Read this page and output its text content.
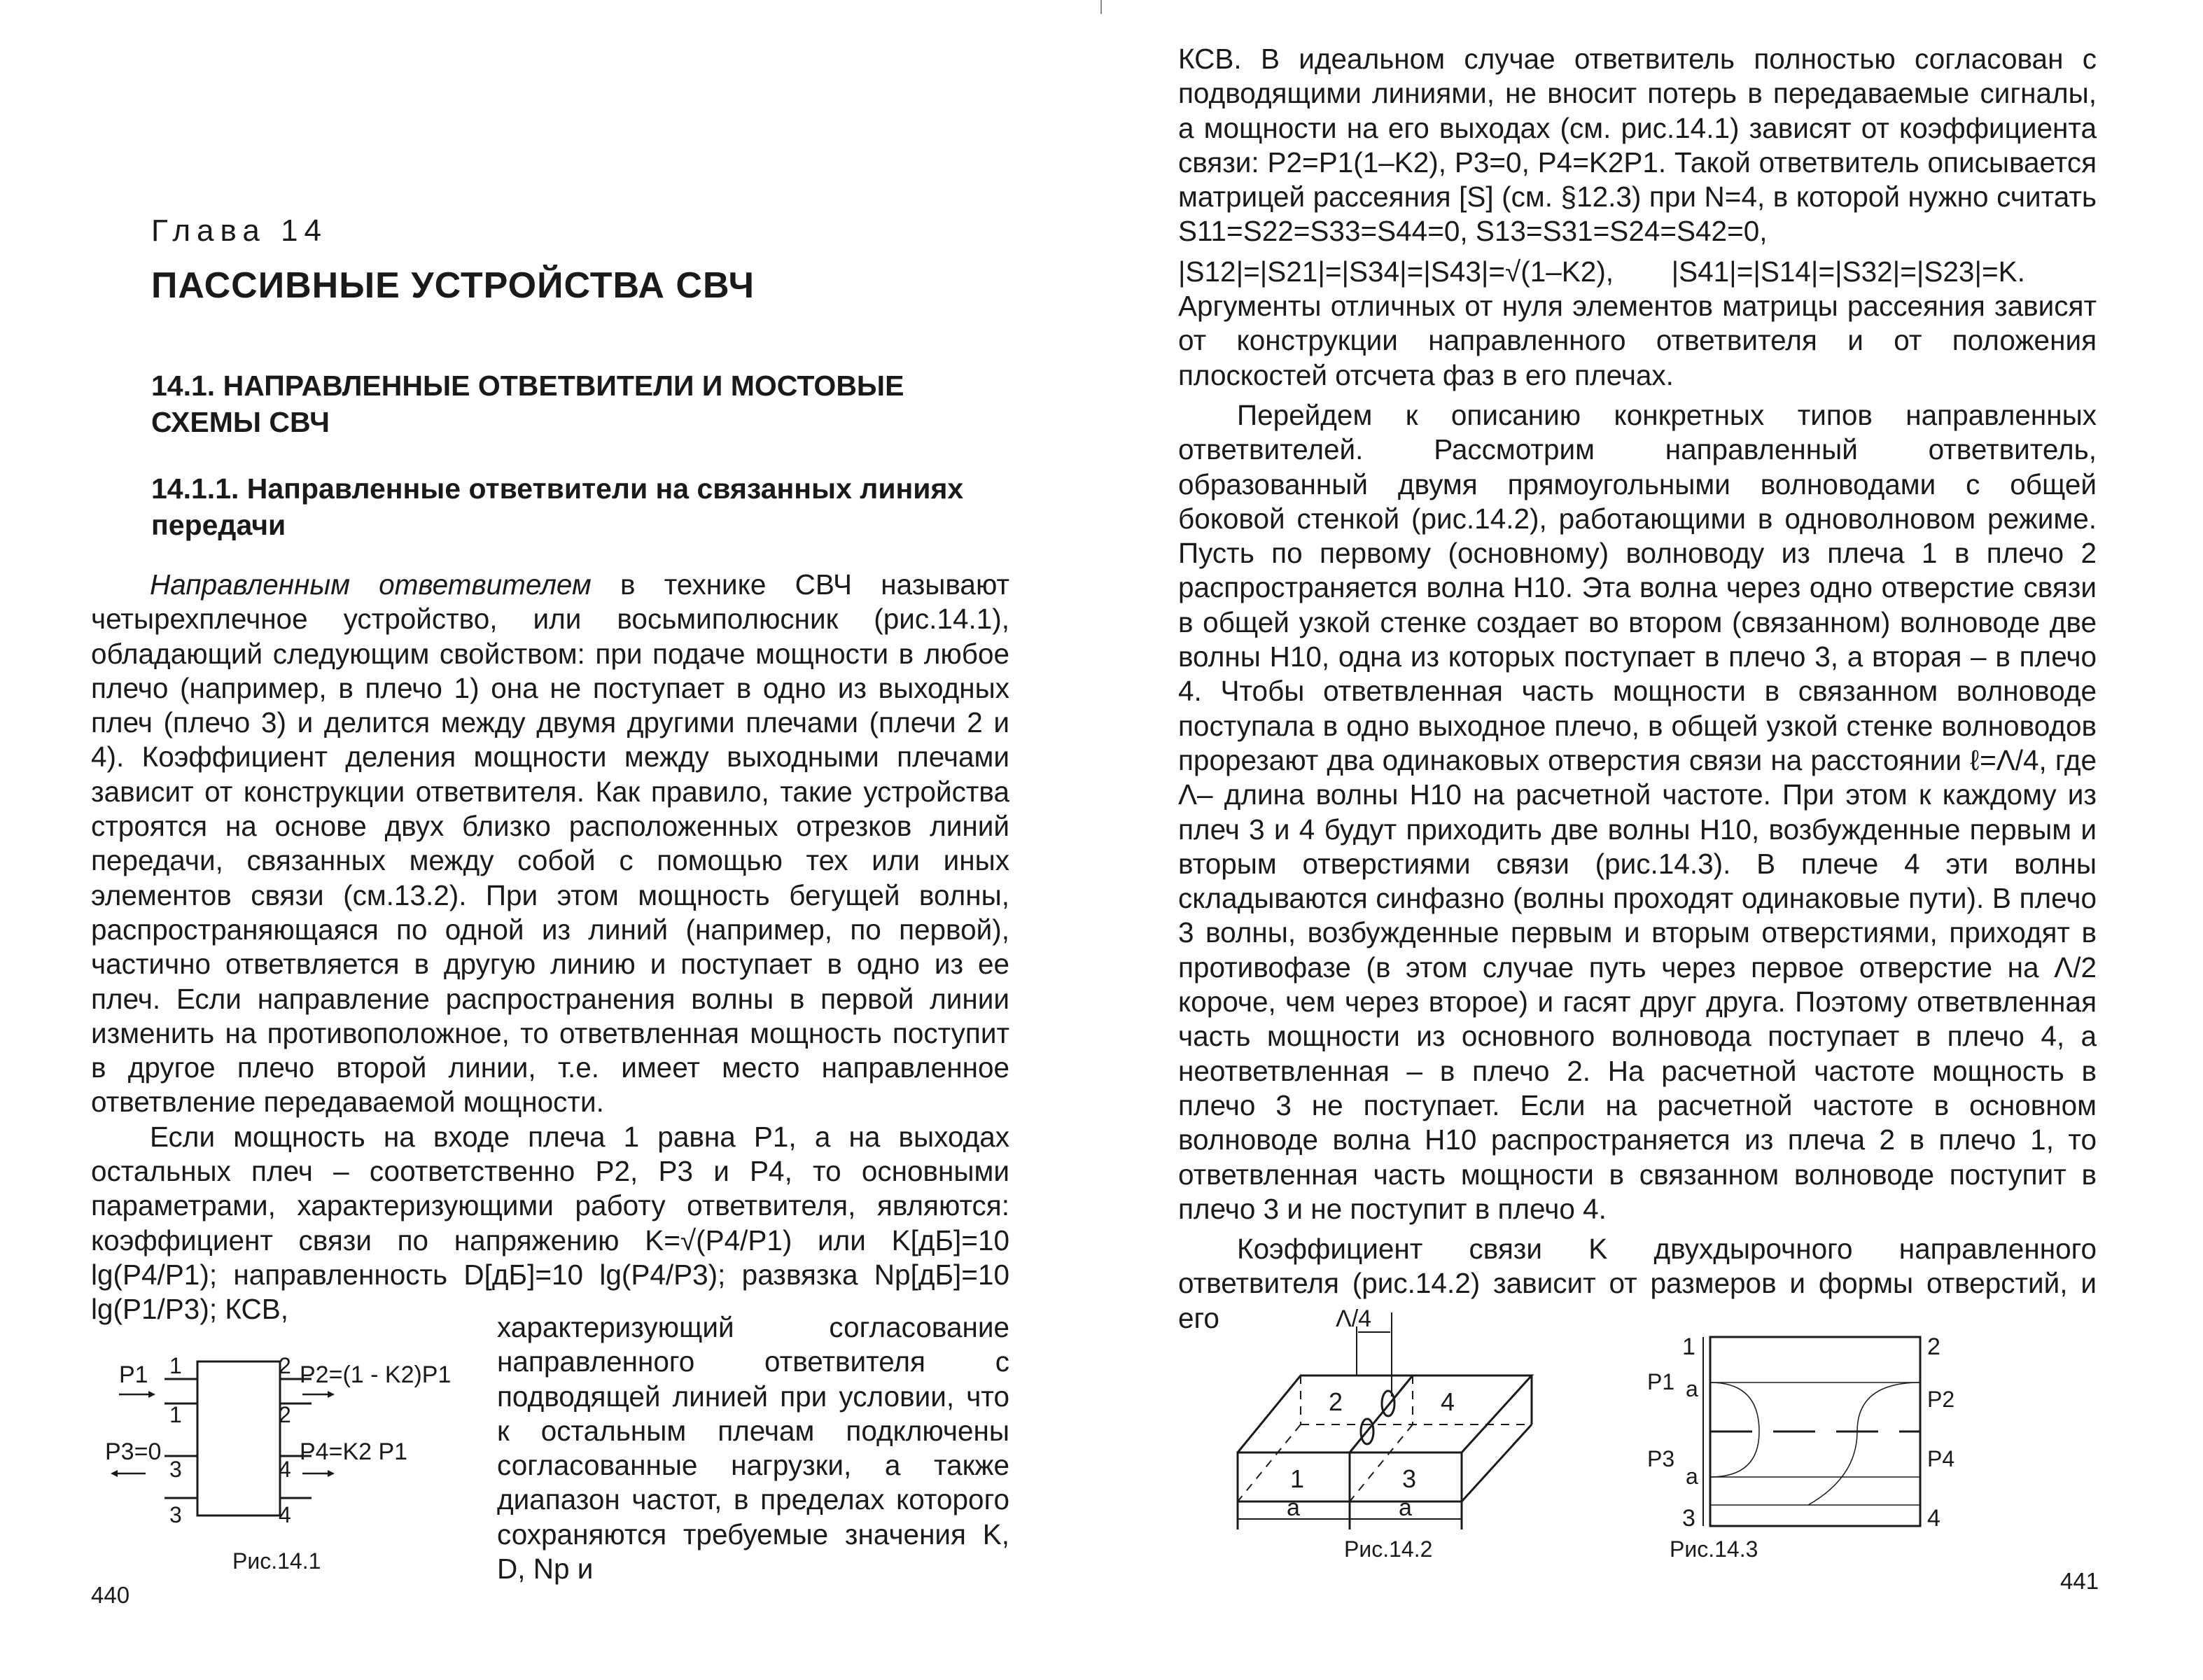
Глава 14
ПАССИВНЫЕ УСТРОЙСТВА СВЧ
14.1. НАПРАВЛЕННЫЕ ОТВЕТВИТЕЛИ И МОСТОВЫЕ СХЕМЫ СВЧ
14.1.1. Направленные ответвители на связанных линиях передачи

Направленным ответвителем в технике СВЧ называют четырехплечное устройство, или восьмиполюсник (рис.14.1), обладающий следующим свойством: при подаче мощности в любое плечо (например, в плечо 1) она не поступает в одно из выходных плеч (плечо 3) и делится между двумя другими плечами (плечи 2 и 4). Коэффициент деления мощности между выходными плечами зависит от конструкции ответвителя. Как правило, такие устройства строятся на основе двух близко расположенных отрезков линий передачи, связанных между собой с помощью тех или иных элементов связи (см.13.2). При этом мощность бегущей волны, распространяющаяся по одной из линий (например, по первой), частично ответвляется в другую линию и поступает в одно из ее плеч. Если направление распространения волны в первой линии изменить на противоположное, то ответвленная мощность поступит в другое плечо второй линии, т.е. имеет место направленное ответвление передаваемой мощности.

Если мощность на входе плеча 1 равна P1, а на выходах остальных плеч – соответственно P2, P3 и P4, то основными параметрами, характеризующими работу ответвителя, являются: коэффициент связи по напряжению K=√(P4/P1) или K[дБ]=10 lg(P4/P1); направленность D[дБ]=10 lg(P4/P3); развязка Nр[дБ]=10 lg(P1/P3); КСВ,

характеризующий согласование направленного ответвителя с подводящей линией при условии, что к остальным плечам подключены согласованные нагрузки, а также диапазон частот, в пределах которого сохраняются требуемые значения K, D, Nр и

1
1
2
2
3
3
4
4
P1	P2=(1 - K2)P1
P3=0	P4=K2 P1
Рис.14.1
440

КСВ. В идеальном случае ответвитель полностью согласован с подводящими линиями, не вносит потерь в передаваемые сигналы, а мощности на его выходах (см. рис.14.1) зависят от коэффициента связи: P2=P1(1–K2), P3=0, P4=K2P1. Такой ответвитель описывается матрицей рассеяния [S] (см. §12.3) при N=4, в которой нужно считать S11=S22=S33=S44=0, S13=S31=S24=S42=0,

|S12|=|S21|=|S34|=|S43|=√(1–K2), |S41|=|S14|=|S32|=|S23|=K.

Аргументы отличных от нуля элементов матрицы рассеяния зависят от конструкции направленного ответвителя и от положения плоскостей отсчета фаз в его плечах.

Перейдем к описанию конкретных типов направленных ответвителей. Рассмотрим направленный ответвитель, образованный двумя прямоугольными волноводами с общей боковой стенкой (рис.14.2), работающими в одноволновом режиме. Пусть по первому (основному) волноводу из плеча 1 в плечо 2 распространяется волна H10. Эта волна через одно отверстие связи в общей узкой стенке создает во втором (связанном) волноводе две волны H10, одна из которых поступает в плечо 3, а вторая – в плечо 4. Чтобы ответвленная часть мощности в связанном волноводе поступала в одно выходное плечо, в общей узкой стенке волноводов прорезают два одинаковых отверстия связи на расстоянии ℓ=Λ/4, где Λ– длина волны H10 на расчетной частоте. При этом к каждому из плеч 3 и 4 будут приходить две волны H10, возбужденные первым и вторым отверстиями связи (рис.14.3). В плече 4 эти волны складываются синфазно (волны проходят одинаковые пути). В плечо 3 волны, возбужденные первым и вторым отверстиями, приходят в противофазе (в этом случае путь через первое отверстие на Λ/2 короче, чем через второе) и гасят друг друга. Поэтому ответвленная часть мощности из основного волновода поступает в плечо 4, а неответвленная – в плечо 2. На расчетной частоте мощность в плечо 3 не поступает. Если на расчетной частоте в основном волноводе волна H10 распространяется из плеча 2 в плечо 1, то ответвленная часть мощности в связанном волноводе поступит в плечо 3 и не поступит в плечо 4.

Коэффициент связи K двухдырочного направленного ответвителя (рис.14.2) зависит от размеров и формы отверстий, и его	Λ/4
2	4
1	3
a	a
Рис.14.2
1	2
3	4
a
a
P1
P2
P3	P4
Рис.14.3
441
